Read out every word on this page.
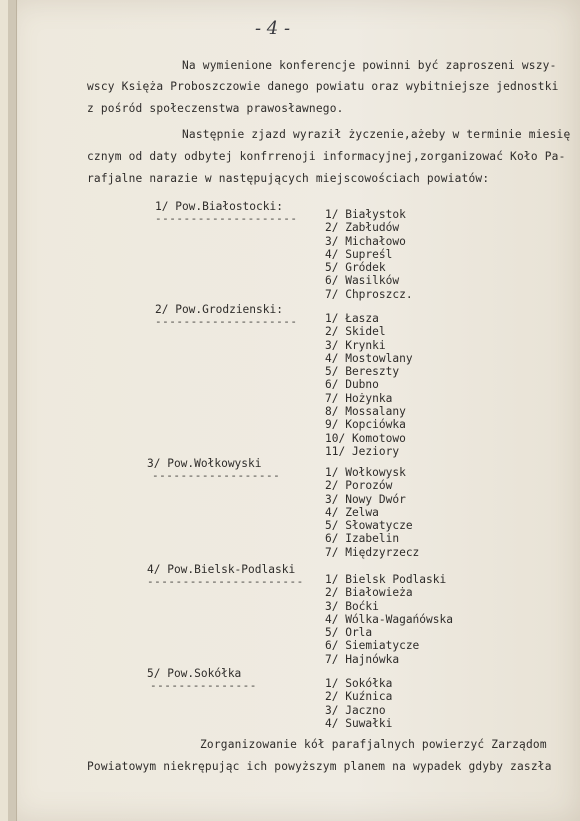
- 4 -
Na wymienione konferencje powinni być zaproszeni wszy-
wscy Księża Proboszczowie danego powiatu oraz wybitniejsze jednostki
z pośród społeczenstwa prawosławnego.
Następnie zjazd wyraził życzenie,ażeby w terminie miesię
cznym od daty odbytej konfrrenoji informacyjnej,zorganizować Koło Pa-
rafjalne narazie w następujących miejscowościach powiatów:
1/ Pow.Białostocki:
-------------------- 1/ Białystok
2/ Zabłudów
3/ Michałowo
4/ Supreśl
5/ Gródek
6/ Wasilków
7/ Chproszcz.
2/ Pow.Grodzienski:
-------------------- 1/ Łasza
2/ Skidel
3/ Krynki
4/ Mostowlany
5/ Bereszty
6/ Dubno
7/ Hożynka
8/ Mossalany
9/ Kopciówka
10/ Komotowo
11/ Jeziory
3/ Pow.Wołkowyski
------------------	1/ Wołkowysk
2/ Porozów
3/ Nowy Dwór
4/ Zelwa
5/ Słowatycze
6/ Izabelin
7/ Międzyrzecz
4/ Pow.Bielsk-Podlaski
---------------------- 1/ Bielsk Podlaski
2/ Białowieża
3/ Boćki
4/ Wólka-Wagańówska
5/ Orla
6/ Siemiatycze
7/ Hajnówka
5/ Pow.Sokółka
---------------	1/ Sokółka
2/ Kuźnica
3/ Jaczno
4/ Suwałki
Zorganizowanie kół parafjalnych powierzyć Zarządom
Powiatowym niekrępując ich powyższym planem na wypadek gdyby zaszła
